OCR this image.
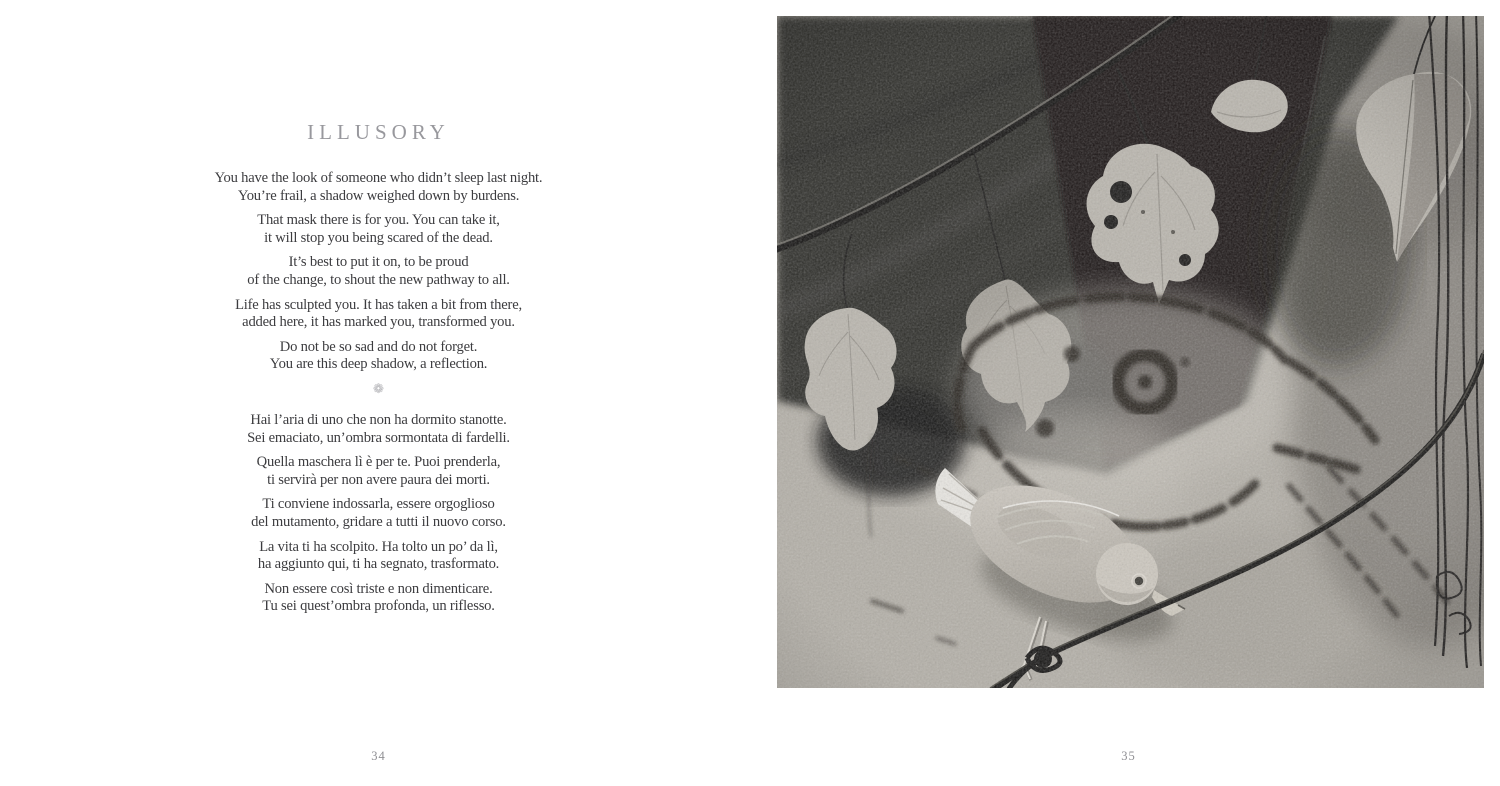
ILLUSORY
You have the look of someone who didn’t sleep last night.
You’re frail, a shadow weighed down by burdens.
That mask there is for you. You can take it,
it will stop you being scared of the dead.
It’s best to put it on, to be proud
of the change, to shout the new pathway to all.
Life has sculpted you. It has taken a bit from there,
added here, it has marked you, transformed you.
Do not be so sad and do not forget.
You are this deep shadow, a reflection.
❁
Hai l’aria di uno che non ha dormito stanotte.
Sei emaciato, un’ombra sormontata di fardelli.
Quella maschera lì è per te. Puoi prenderla,
ti servirà per non avere paura dei morti.
Ti conviene indossarla, essere orgoglioso
del mutamento, gridare a tutti il nuovo corso.
La vita ti ha scolpito. Ha tolto un po’ da lì,
ha aggiunto qui, ti ha segnato, trasformato.
Non essere così triste e non dimenticare.
Tu sei quest’ombra profonda, un riflesso.
34	35
